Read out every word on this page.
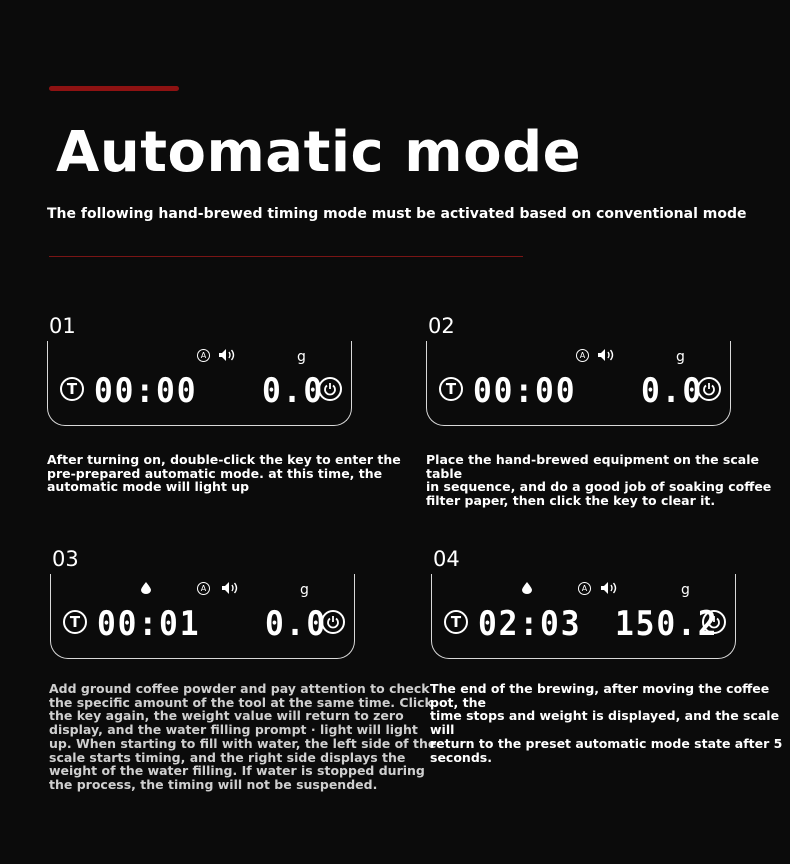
Automatic mode
The following hand-brewed timing mode must be activated based on conventional mode
01
A	g
T 00:00 0.0
After turning on, double-click the key to enter the
pre-prepared automatic mode. at this time, the
automatic mode will light up
02
A	g
T 00:00 0.0
Place the hand-brewed equipment on the scale table
in sequence, and do a good job of soaking coffee
filter paper, then click the key to clear it.
03
A	g
T 00:01 0.0
Add ground coffee powder and pay attention to check
the specific amount of the tool at the same time. Click
the key again, the weight value will return to zero
display, and the water filling prompt · light will light
up. When starting to fill with water, the left side of the
scale starts timing, and the right side displays the
weight of the water filling. If water is stopped during
the process, the timing will not be suspended.
04
A	g
T 02:03 150.2
The end of the brewing, after moving the coffee pot, the
time stops and weight is displayed, and the scale will
return to the preset automatic mode state after 5 seconds.
